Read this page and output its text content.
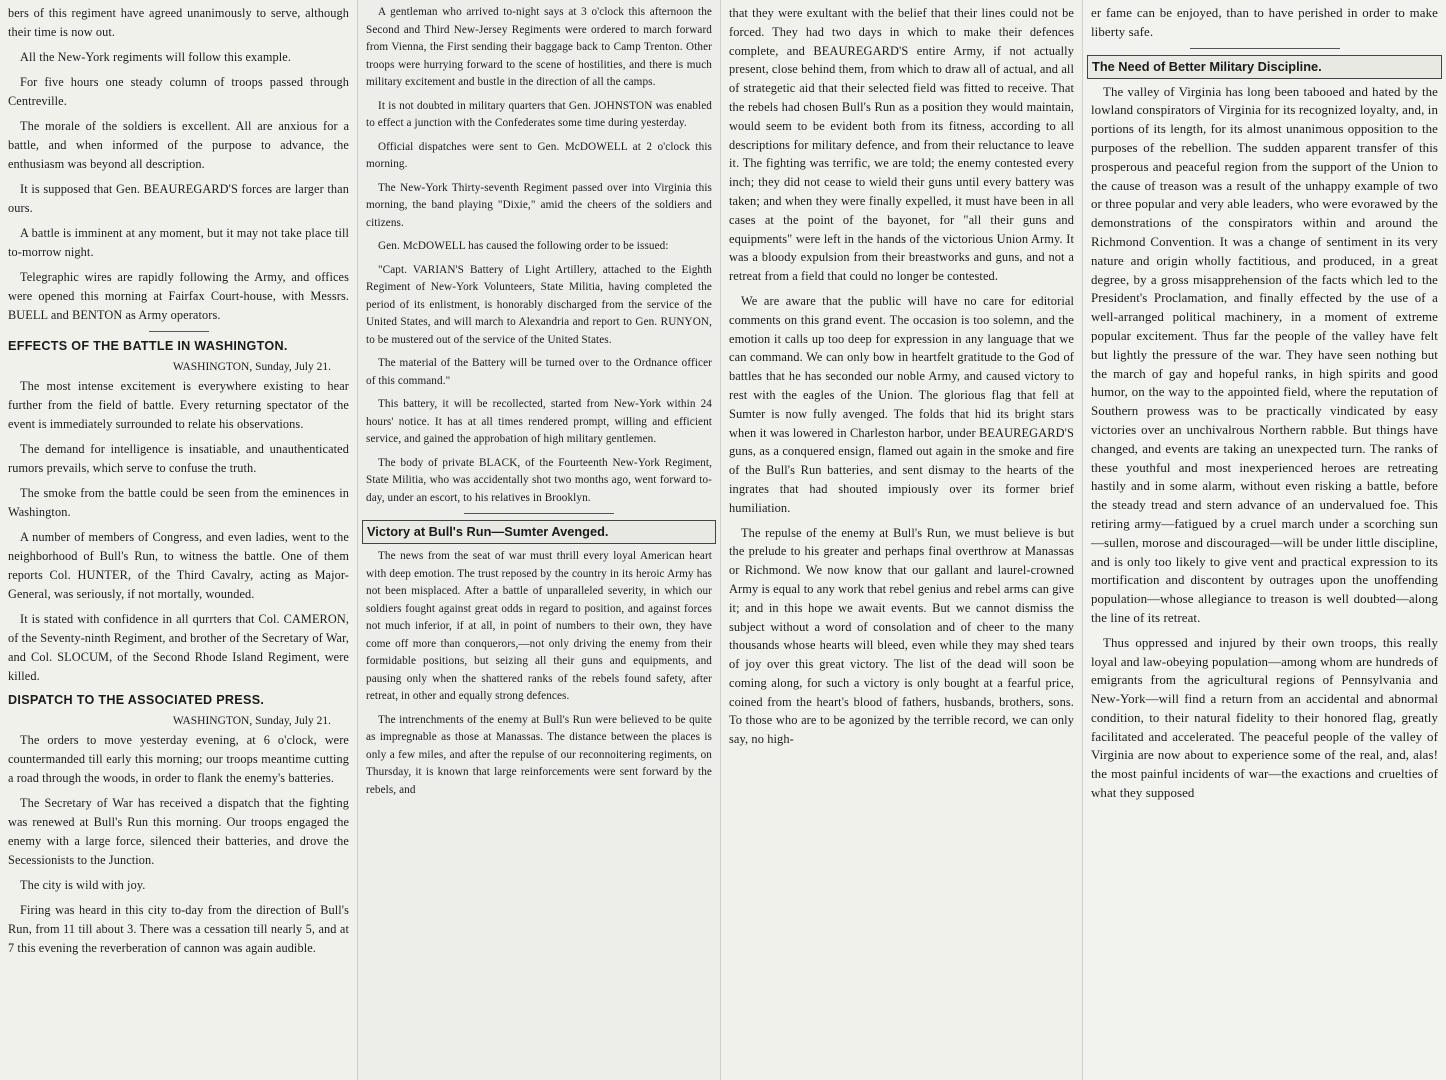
bers of this regiment have agreed unanimously to serve, although their time is now out.

All the New-York regiments will follow this example.

For five hours one steady column of troops passed through Centreville.

The morale of the soldiers is excellent. All are anxious for a battle, and when informed of the purpose to advance, the enthusiasm was beyond all description.

It is supposed that Gen. BEAUREGARD'S forces are larger than ours.

A battle is imminent at any moment, but it may not take place till to-morrow night.

Telegraphic wires are rapidly following the Army, and offices were opened this morning at Fairfax Court-house, with Messrs. BUELL and BENTON as Army operators.

EFFECTS OF THE BATTLE IN WASHINGTON.
WASHINGTON, Sunday, July 21.

The most intense excitement is everywhere existing to hear further from the field of battle. Every returning spectator of the event is immediately surrounded to relate his observations.

The demand for intelligence is insatiable, and unauthenticated rumors prevails, which serve to confuse the truth.

The smoke from the battle could be seen from the eminences in Washington.

A number of members of Congress, and even ladies, went to the neighborhood of Bull's Run, to witness the battle. One of them reports Col. HUNTER, of the Third Cavalry, acting as Major-General, was seriously, if not mortally, wounded.

It is stated with confidence in all qurrters that Col. CAMERON, of the Seventy-ninth Regiment, and brother of the Secretary of War, and Col. SLOCUM, of the Second Rhode Island Regiment, were killed.

DISPATCH TO THE ASSOCIATED PRESS.
WASHINGTON, Sunday, July 21.

The orders to move yesterday evening, at 6 o'clock, were countermanded till early this morning; our troops meantime cutting a road through the woods, in order to flank the enemy's batteries.

The Secretary of War has received a dispatch that the fighting was renewed at Bull's Run this morning. Our troops engaged the enemy with a large force, silenced their batteries, and drove the Secessionists to the Junction.

The city is wild with joy.

Firing was heard in this city to-day from the direction of Bull's Run, from 11 till about 3. There was a cessation till nearly 5, and at 7 this evening the reverberation of cannon was again audible.

A gentleman who arrived to-night says at 3 o'clock this afternoon the Second and Third New-Jersey Regiments were ordered to march forward from Vienna, the First sending their baggage back to Camp Trenton. Other troops were hurrying forward to the scene of hostilities, and there is much military excitement and bustle in the direction of all the camps.

It is not doubted in military quarters that Gen. JOHNSTON was enabled to effect a junction with the Confederates some time during yesterday.

Official dispatches were sent to Gen. McDOWELL at 2 o'clock this morning.

The New-York Thirty-seventh Regiment passed over into Virginia this morning, the band playing "Dixie," amid the cheers of the soldiers and citizens.

Gen. McDOWELL has caused the following order to be issued:

"Capt. VARIAN'S Battery of Light Artillery, attached to the Eighth Regiment of New-York Volunteers, State Militia, having completed the period of its enlistment, is honorably discharged from the service of the United States, and will march to Alexandria and report to Gen. RUNYON, to be mustered out of the service of the United States.

The material of the Battery will be turned over to the Ordnance officer of this command."

This battery, it will be recollected, started from New-York within 24 hours' notice. It has at all times rendered prompt, willing and efficient service, and gained the approbation of high military gentlemen.

The body of private BLACK, of the Fourteenth New-York Regiment, State Militia, who was accidentally shot two months ago, went forward to-day, under an escort, to his relatives in Brooklyn.

Victory at Bull's Run—Sumter Avenged.

The news from the seat of war must thrill every loyal American heart with deep emotion. The trust reposed by the country in its heroic Army has not been misplaced. After a battle of unparalleled severity, in which our soldiers fought against great odds in regard to position, and against forces not much inferior, if at all, in point of numbers to their own, they have come off more than conquerors,—not only driving the enemy from their formidable positions, but seizing all their guns and equipments, and pausing only when the shattered ranks of the rebels found safety, after retreat, in other and equally strong defences.

The intrenchments of the enemy at Bull's Run were believed to be quite as impregnable as those at Manassas. The distance between the places is only a few miles, and after the repulse of our reconnoitering regiments, on Thursday, it is known that large reinforcements were sent forward by the rebels, and

that they were exultant with the belief that their lines could not be forced. They had two days in which to make their defences complete, and BEAUREGARD'S entire Army, if not actually present, close behind them, from which to draw all of actual, and all of strategetic aid that their selected field was fitted to receive. That the rebels had chosen Bull's Run as a position they would maintain, would seem to be evident both from its fitness, according to all descriptions for military defence, and from their reluctance to leave it. The fighting was terrific, we are told; the enemy contested every inch; they did not cease to wield their guns until every battery was taken; and when they were finally expelled, it must have been in all cases at the point of the bayonet, for "all their guns and equipments" were left in the hands of the victorious Union Army. It was a bloody expulsion from their breastworks and guns, and not a retreat from a field that could no longer be contested.

We are aware that the public will have no care for editorial comments on this grand event. The occasion is too solemn, and the emotion it calls up too deep for expression in any language that we can command. We can only bow in heartfelt gratitude to the God of battles that he has seconded our noble Army, and caused victory to rest with the eagles of the Union. The glorious flag that fell at Sumter is now fully avenged. The folds that hid its bright stars when it was lowered in Charleston harbor, under BEAUREGARD'S guns, as a conquered ensign, flamed out again in the smoke and fire of the Bull's Run batteries, and sent dismay to the hearts of the ingrates that had shouted impiously over its former brief humiliation.

The repulse of the enemy at Bull's Run, we must believe is but the prelude to his greater and perhaps final overthrow at Manassas or Richmond. We now know that our gallant and laurel-crowned Army is equal to any work that rebel genius and rebel arms can give it; and in this hope we await events. But we cannot dismiss the subject without a word of consolation and of cheer to the many thousands whose hearts will bleed, even while they may shed tears of joy over this great victory. The list of the dead will soon be coming along, for such a victory is only bought at a fearful price, coined from the heart's blood of fathers, husbands, brothers, sons. To those who are to be agonized by the terrible record, we can only say, no high-

er fame can be enjoyed, than to have perished in order to make liberty safe.

The Need of Better Military Discipline.

The valley of Virginia has long been tabooed and hated by the lowland conspirators of Virginia for its recognized loyalty, and, in portions of its length, for its almost unanimous opposition to the purposes of the rebellion. The sudden apparent transfer of this prosperous and peaceful region from the support of the Union to the cause of treason was a result of the unhappy example of two or three popular and very able leaders, who were evorawed by the demonstrations of the conspirators within and around the Richmond Convention. It was a change of sentiment in its very nature and origin wholly factitious, and produced, in a great degree, by a gross misapprehension of the facts which led to the President's Proclamation, and finally effected by the use of a well-arranged political machinery, in a moment of extreme popular excitement. Thus far the people of the valley have felt but lightly the pressure of the war. They have seen nothing but the march of gay and hopeful ranks, in high spirits and good humor, on the way to the appointed field, where the reputation of Southern prowess was to be practically vindicated by easy victories over an unchivalrous Northern rabble. But things have changed, and events are taking an unexpected turn. The ranks of these youthful and most inexperienced heroes are retreating hastily and in some alarm, without even risking a battle, before the steady tread and stern advance of an undervalued foe. This retiring army—fatigued by a cruel march under a scorching sun—sullen, morose and discouraged—will be under little discipline, and is only too likely to give vent and practical expression to its mortification and discontent by outrages upon the unoffending population—whose allegiance to treason is well doubted—along the line of its retreat.

Thus oppressed and injured by their own troops, this really loyal and law-obeying population—among whom are hundreds of emigrants from the agricultural regions of Pennsylvania and New-York—will find a return from an accidental and abnormal condition, to their natural fidelity to their honored flag, greatly facilitated and accelerated. The peaceful people of the valley of Virginia are now about to experience some of the real, and, alas! the most painful incidents of war—the exactions and cruelties of what they supposed
